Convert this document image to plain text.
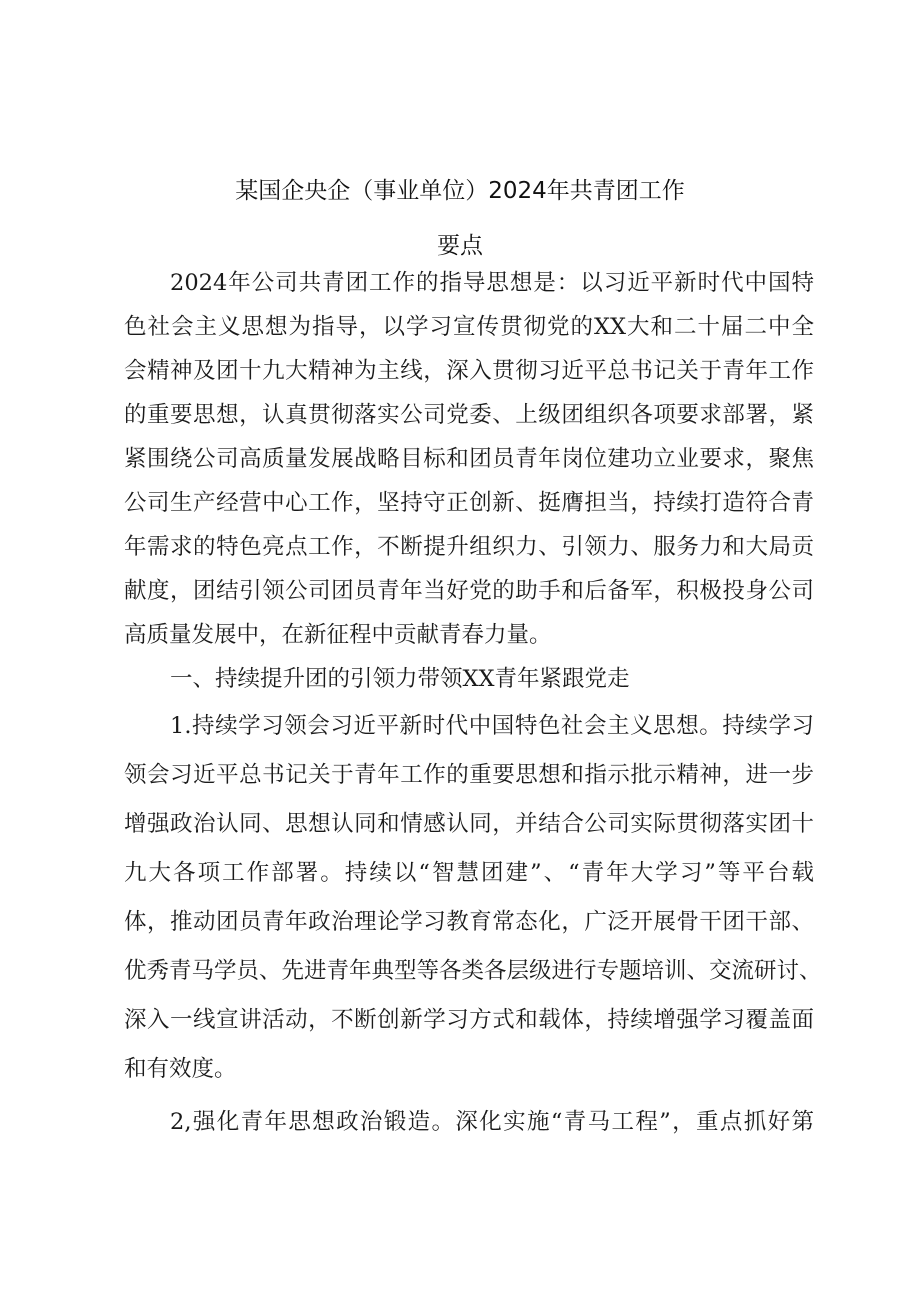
某国企央企（事业单位）2024年共青团工作
要点

2024年公司共青团工作的指导思想是：以习近平新时代中国特

色社会主义思想为指导，以学习宣传贯彻党的XX大和二十届二中全

会精神及团十九大精神为主线，深入贯彻习近平总书记关于青年工作

的重要思想，认真贯彻落实公司党委、上级团组织各项要求部署，紧

紧围绕公司高质量发展战略目标和团员青年岗位建功立业要求，聚焦

公司生产经营中心工作，坚持守正创新、挺膺担当，持续打造符合青

年需求的特色亮点工作，不断提升组织力、引领力、服务力和大局贡

献度，团结引领公司团员青年当好党的助手和后备军，积极投身公司

高质量发展中，在新征程中贡献青春力量。

一、持续提升团的引领力带领XX青年紧跟党走

1.持续学习领会习近平新时代中国特色社会主义思想。持续学习

领会习近平总书记关于青年工作的重要思想和指示批示精神，进一步

增强政治认同、思想认同和情感认同，并结合公司实际贯彻落实团十

九大各项工作部署。持续以“智慧团建”、“青年大学习”等平台载

体，推动团员青年政治理论学习教育常态化，广泛开展骨干团干部、

优秀青马学员、先进青年典型等各类各层级进行专题培训、交流研讨、

深入一线宣讲活动，不断创新学习方式和载体，持续增强学习覆盖面

和有效度。

2,强化青年思想政治锻造。深化实施“青马工程”，重点抓好第
